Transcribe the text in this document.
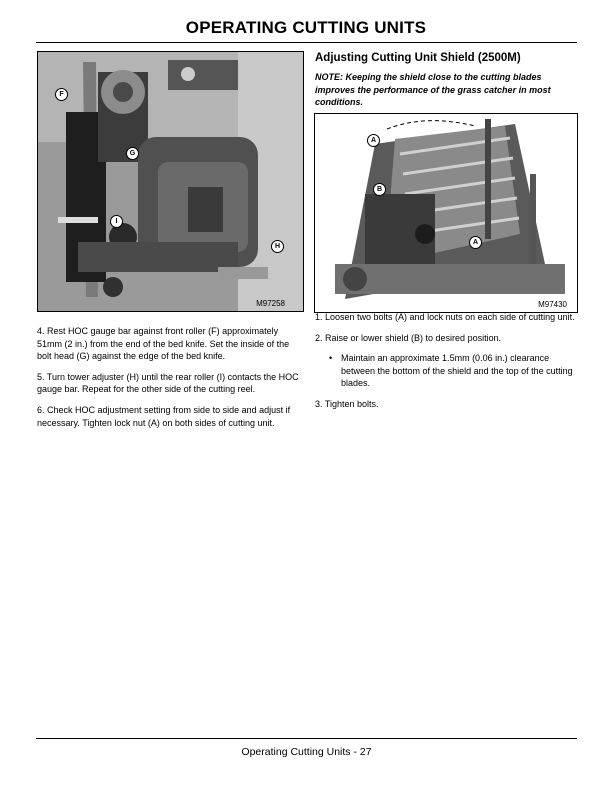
OPERATING CUTTING UNITS
F
G
I
H
M97258

4. Rest HOC gauge bar against front roller (F) approximately 51mm (2 in.) from the end of the bed knife. Set the inside of the bolt head (G) against the edge of the bed knife.

5. Turn tower adjuster (H) until the rear roller (I) contacts the HOC gauge bar. Repeat for the other side of the cutting reel.

6. Check HOC adjustment setting from side to side and adjust if necessary. Tighten lock nut (A) on both sides of cutting unit.

Adjusting Cutting Unit Shield (2500M)
NOTE: Keeping the shield close to the cutting blades improves the performance of the grass catcher in most conditions.
A
B
A
M97430

1. Loosen two bolts (A) and lock nuts on each side of cutting unit.

2. Raise or lower shield (B) to desired position.

• Maintain an approximate 1.5mm (0.06 in.) clearance between the bottom of the shield and the top of the cutting blades.

3. Tighten bolts.

Operating Cutting Units - 27
